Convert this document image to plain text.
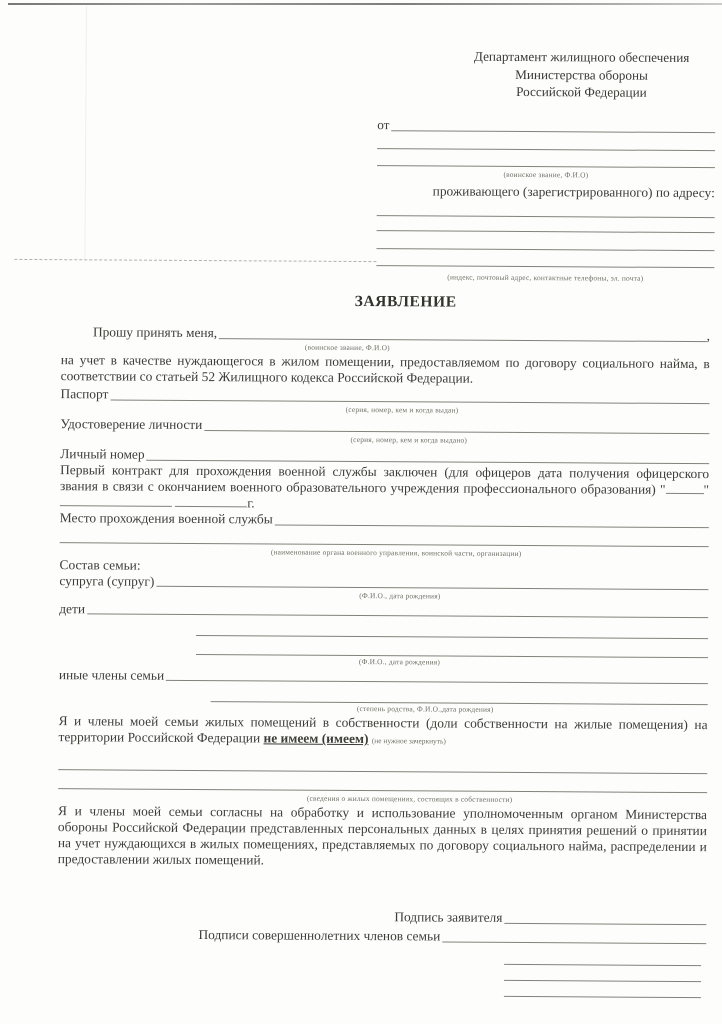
Департамент жилищного обеспечения
Министерства обороны
Российской Федерации
от
(воинское звание, Ф.И.О)
проживающего (зарегистрированного) по адресу:
(индекс, почтовый адрес, контактные телефоны, эл. почта)
ЗАЯВЛЕНИЕ
Прошу принять меня,	,
(воинское звание, Ф.И.О)
на учет в качестве нуждающегося в жилом помещении, предоставляемом по договору социального найма, в соответствии со статьей 52 Жилищного кодекса Российской Федерации.
Паспорт
(серия, номер, кем и когда выдан)
Удостоверение личности
(серия, номер, кем и когда выдано)
Личный номер
Первый контракт для прохождения военной службы заключен (для офицеров дата получения офицерского звания в связи с окончанием военного образовательного учреждения профессионального образования) "	"  г.
Место прохождения военной службы
(наименование органа военного управления, воинской части, организации)
Состав семьи:
супруга (супруг)
(Ф.И.О., дата рождения)
дети
(Ф.И.О., дата рождения)
иные члены семьи
(степень родства, Ф.И.О.,дата рождения)
Я и члены моей семьи жилых помещений в собственности (доли собственности на жилые помещения) на территории Российской Федерации не имеем (имеем) (не нужное зачеркнуть)
(сведения о жилых помещениях, состоящих в собственности)
Я и члены моей семьи согласны на обработку и использование уполномоченным органом Министерства обороны Российской Федерации представленных персональных данных в целях принятия решений о принятии на учет нуждающихся в жилых помещениях, представляемых по договору социального найма, распределении и предоставлении жилых помещений.
Подпись заявителя
Подписи совершеннолетних членов семьи
